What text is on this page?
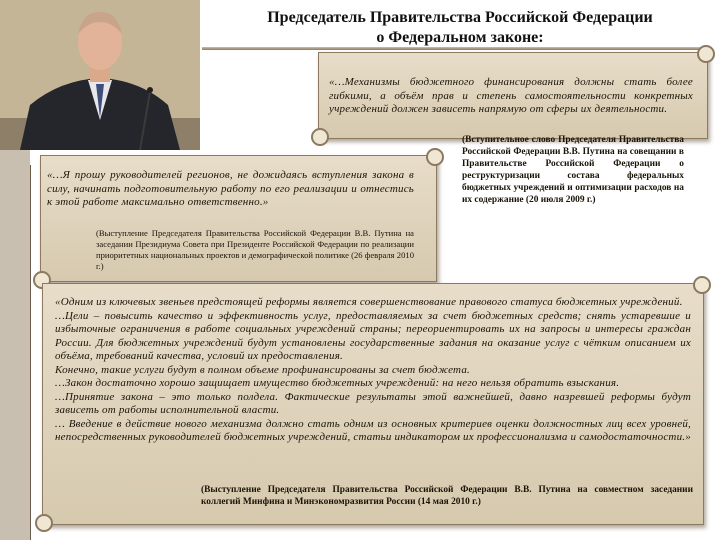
Председатель Правительства Российской Федерации
о Федеральном законе:
«…Механизмы бюджетного финансирования должны стать более гибкими, а объём прав и степень самостоятельности конкретных учреждений должен зависеть напрямую от сферы их деятельности.
(Вступительное слово Председателя Правительства Российской Федерации В.В. Путина на совещании в Правительстве Российской Федерации о реструктуризации состава федеральных бюджетных учреждений и оптимизации расходов на их содержание (20 июля 2009 г.)
«…Я прошу руководителей регионов, не дожидаясь вступления закона в силу, начинать подготовительную работу по его реализации и отнестись к этой работе максимально ответственно.»
(Выступление Председателя Правительства Российской Федерации В.В. Путина на заседании Президиума Совета при Президенте Российской Федерации по реализации приоритетных национальных проектов и демографической политике (26 февраля 2010 г.)
«Одним из ключевых звеньев предстоящей реформы является совершенствование правового статуса бюджетных учреждений.
…Цели – повысить качество и эффективность услуг, предоставляемых за счет бюджетных средств; снять устаревшие и избыточные ограничения в работе социальных учреждений страны; переориентировать их на запросы и интересы граждан России. Для бюджетных учреждений будут установлены государственные задания на оказание услуг с чётким описанием их объёма, требований качества, условий их предоставления.
Конечно, такие услуги будут в полном объеме профинансированы за счет бюджета.
…Закон достаточно хорошо защищает имущество бюджетных учреждений: на него нельзя обратить взыскания.
…Принятие закона – это только полдела. Фактические результаты этой важнейшей, давно назревшей реформы будут зависеть от работы исполнительной власти.
… Введение в действие нового механизма должно стать одним из основных критериев оценки должностных лиц всех уровней, непосредственных руководителей бюджетных учреждений, статьи индикатором их профессионализма и самодостаточности.»
(Выступление Председателя Правительства Российской Федерации В.В. Путина на совместном заседании коллегий Минфина и Минэкономразвития России (14 мая 2010 г.)
